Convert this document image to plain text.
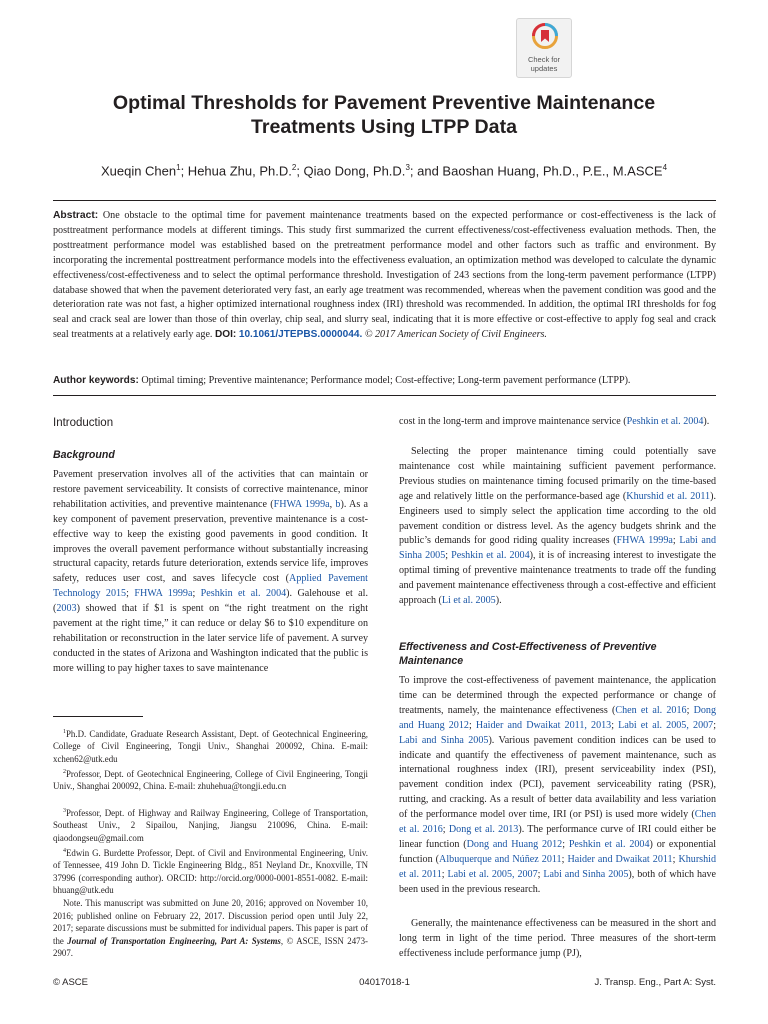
Check for
updates
Optimal Thresholds for Pavement Preventive Maintenance
Treatments Using LTPP Data
Xueqin Chen$^1$; Hehua Zhu, Ph.D.$^2$; Qiao Dong, Ph.D.$^3$; and Baoshan Huang, Ph.D., P.E., M.ASCE$^4$

Abstract: One obstacle to the optimal time for pavement maintenance treatments based on the expected performance or cost-effectiveness is the lack of posttreatment performance models at different timings. This study first summarized the current effectiveness/cost-effectiveness evaluation methods. Then, the posttreatment performance model was established based on the pretreatment performance model and other factors such as traffic and environment. By incorporating the incremental posttreatment performance models into the effectiveness evaluation, an optimization method was developed to calculate the dynamic effectiveness/cost-effectiveness and to select the optimal performance threshold. Investigation of 243 sections from the long-term pavement performance (LTPP) database showed that when the pavement deteriorated very fast, an early age treatment was recommended, whereas when the pavement condition was good and the deterioration rate was not fast, a higher optimized international roughness index (IRI) threshold was recommended. In addition, the optimal IRI thresholds for fog seal and crack seal are lower than those of thin overlay, chip seal, and slurry seal, indicating that it is more effective or cost-effective to apply fog seal and crack seal treatments at a relatively early age. DOI: 10.1061/JTEPBS.0000044. © 2017 American Society of Civil Engineers.

Author keywords: Optimal timing; Preventive maintenance; Performance model; Cost-effective; Long-term pavement performance (LTPP).

Introduction
Background

Pavement preservation involves all of the activities that can maintain or restore pavement serviceability. It consists of corrective maintenance, minor rehabilitation activities, and preventive maintenance (FHWA 1999a, b). As a key component of pavement preservation, preventive maintenance is a cost-effective way to keep the existing good pavements in good condition. It improves the overall pavement performance without substantially increasing structural capacity, retards future deterioration, extends service life, improves safety, reduces user cost, and saves lifecycle cost (Applied Pavement Technology 2015; FHWA 1999a; Peshkin et al. 2004). Galehouse et al. (2003) showed that if $1 is spent on “the right treatment on the right pavement at the right time,” it can reduce or delay $6 to $10 expenditure on rehabilitation or reconstruction in the later service life of pavement. A survey conducted in the states of Arizona and Washington indicated that the public is more willing to pay higher taxes to save maintenance

$^1$Ph.D. Candidate, Graduate Research Assistant, Dept. of Geotechnical Engineering, College of Civil Engineering, Tongji Univ., Shanghai 200092, China. E-mail: xchen62@utk.edu

$^2$Professor, Dept. of Geotechnical Engineering, College of Civil Engineering, Tongji Univ., Shanghai 200092, China. E-mail: zhuhehua@tongji.edu.cn

$^3$Professor, Dept. of Highway and Railway Engineering, College of Transportation, Southeast Univ., 2 Sipailou, Nanjing, Jiangsu 210096, China. E-mail: qiaodongseu@gmail.com

$^4$Edwin G. Burdette Professor, Dept. of Civil and Environmental Engineering, Univ. of Tennessee, 419 John D. Tickle Engineering Bldg., 851 Neyland Dr., Knoxville, TN 37996 (corresponding author). ORCID: http://orcid.org/0000-0001-8551-0082. E-mail: bhuang@utk.edu

Note. This manuscript was submitted on June 20, 2016; approved on November 10, 2016; published online on February 22, 2017. Discussion period open until July 22, 2017; separate discussions must be submitted for individual papers. This paper is part of the Journal of Transportation Engineering, Part A: Systems, © ASCE, ISSN 2473-2907.

cost in the long-term and improve maintenance service (Peshkin et al. 2004).

Selecting the proper maintenance timing could potentially save maintenance cost while maintaining sufficient pavement performance. Previous studies on maintenance timing focused primarily on the time-based age and relatively little on the performance-based age (Khurshid et al. 2011). Engineers used to simply select the application time according to the old pavement condition or distress level. As the agency budgets shrink and the public’s demands for good riding quality increases (FHWA 1999a; Labi and Sinha 2005; Peshkin et al. 2004), it is of increasing interest to investigate the optimal timing of preventive maintenance treatments to trade off the funding and pavement maintenance effectiveness through a cost-effective and efficient approach (Li et al. 2005).

Effectiveness and Cost-Effectiveness of Preventive Maintenance

To improve the cost-effectiveness of pavement maintenance, the application time can be determined through the expected performance or change of treatments, namely, the maintenance effectiveness (Chen et al. 2016; Dong and Huang 2012; Haider and Dwaikat 2011, 2013; Labi et al. 2005, 2007; Labi and Sinha 2005). Various pavement condition indices can be used to indicate and quantify the effectiveness of pavement maintenance, such as international roughness index (IRI), present serviceability index (PSI), pavement condition index (PCI), pavement serviceability rating (PSR), rutting, and cracking. As a result of better data availability and less variation of the performance model over time, IRI (or PSI) is used more widely (Chen et al. 2016; Dong et al. 2013). The performance curve of IRI could either be linear function (Dong and Huang 2012; Peshkin et al. 2004) or exponential function (Albuquerque and Núñez 2011; Haider and Dwaikat 2011; Khurshid et al. 2011; Labi et al. 2005, 2007; Labi and Sinha 2005), both of which have been used in the previous research.

Generally, the maintenance effectiveness can be measured in the short and long term in light of the time period. Three measures of the short-term effectiveness include performance jump (PJ),

© ASCE	04017018-1	J. Transp. Eng., Part A: Syst.
